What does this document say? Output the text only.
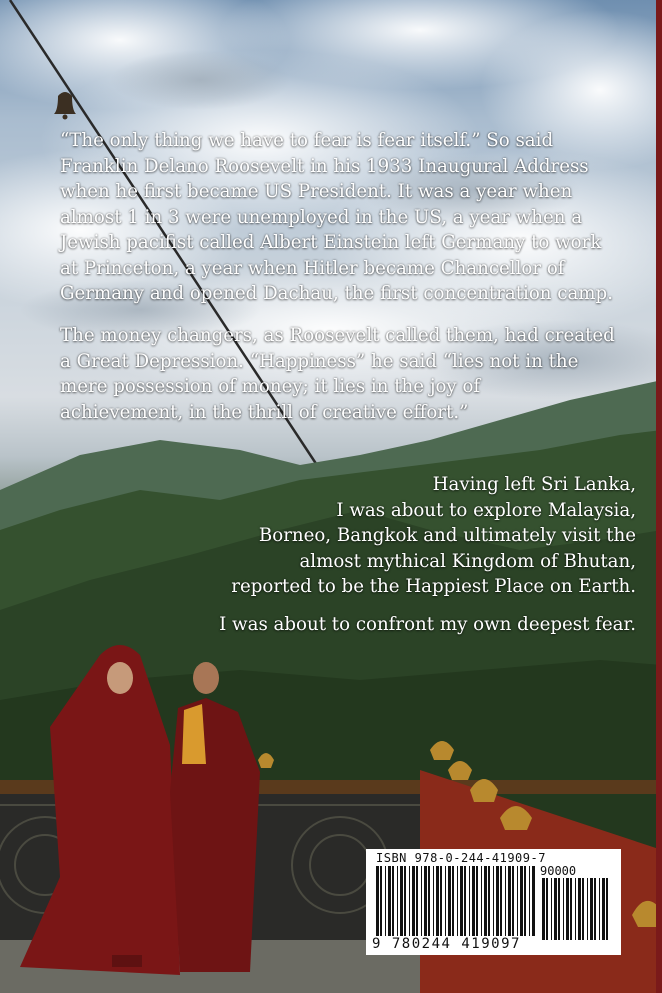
“The only thing we have to fear is fear itself.” So said
Franklin Delano Roosevelt in his 1933 Inaugural Address
when he first became US President. It was a year when
almost 1 in 3 were unemployed in the US, a year when a
Jewish pacifist called Albert Einstein left Germany to work
at Princeton, a year when Hitler became Chancellor of
Germany and opened Dachau, the first concentration camp.
The money changers, as Roosevelt called them, had created
a Great Depression. “Happiness” he said “lies not in the
mere possession of money; it lies in the joy of
achievement, in the thrill of creative effort.”
Having left Sri Lanka,
I was about to explore Malaysia,
Borneo, Bangkok and ultimately visit the
almost mythical Kingdom of Bhutan,
reported to be the Happiest Place on Earth.
I was about to confront my own deepest fear.
ISBN 978-0-244-41909-7
90000
9 780244 419097
